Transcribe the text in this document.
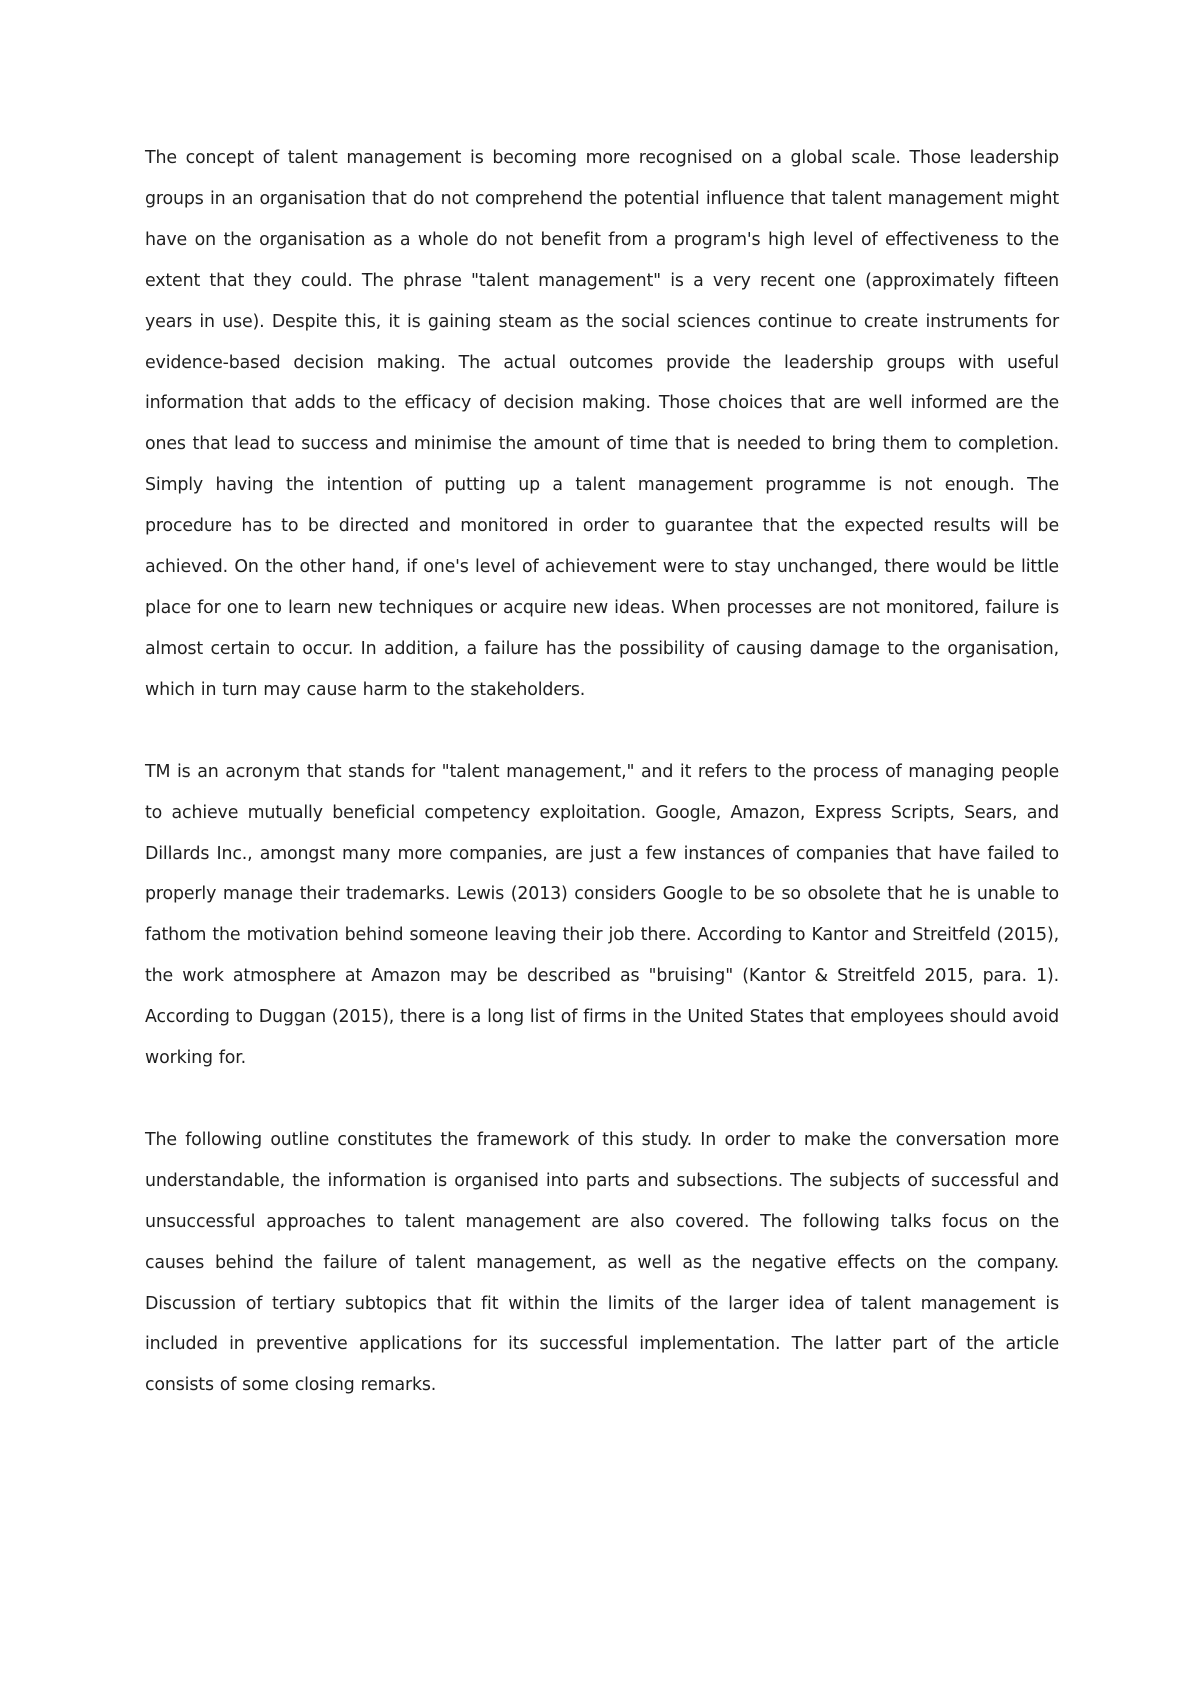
The concept of talent management is becoming more recognised on a global scale. Those leadership groups in an organisation that do not comprehend the potential influence that talent management might have on the organisation as a whole do not benefit from a program's high level of effectiveness to the extent that they could. The phrase "talent management" is a very recent one (approximately fifteen years in use). Despite this, it is gaining steam as the social sciences continue to create instruments for evidence-based decision making. The actual outcomes provide the leadership groups with useful information that adds to the efficacy of decision making. Those choices that are well informed are the ones that lead to success and minimise the amount of time that is needed to bring them to completion. Simply having the intention of putting up a talent management programme is not enough. The procedure has to be directed and monitored in order to guarantee that the expected results will be achieved. On the other hand, if one's level of achievement were to stay unchanged, there would be little place for one to learn new techniques or acquire new ideas. When processes are not monitored, failure is almost certain to occur. In addition, a failure has the possibility of causing damage to the organisation, which in turn may cause harm to the stakeholders.

TM is an acronym that stands for "talent management," and it refers to the process of managing people to achieve mutually beneficial competency exploitation. Google, Amazon, Express Scripts, Sears, and Dillards Inc., amongst many more companies, are just a few instances of companies that have failed to properly manage their trademarks. Lewis (2013) considers Google to be so obsolete that he is unable to fathom the motivation behind someone leaving their job there. According to Kantor and Streitfeld (2015), the work atmosphere at Amazon may be described as "bruising" (Kantor & Streitfeld 2015, para. 1). According to Duggan (2015), there is a long list of firms in the United States that employees should avoid working for.

The following outline constitutes the framework of this study. In order to make the conversation more understandable, the information is organised into parts and subsections. The subjects of successful and unsuccessful approaches to talent management are also covered. The following talks focus on the causes behind the failure of talent management, as well as the negative effects on the company. Discussion of tertiary subtopics that fit within the limits of the larger idea of talent management is included in preventive applications for its successful implementation. The latter part of the article consists of some closing remarks.
